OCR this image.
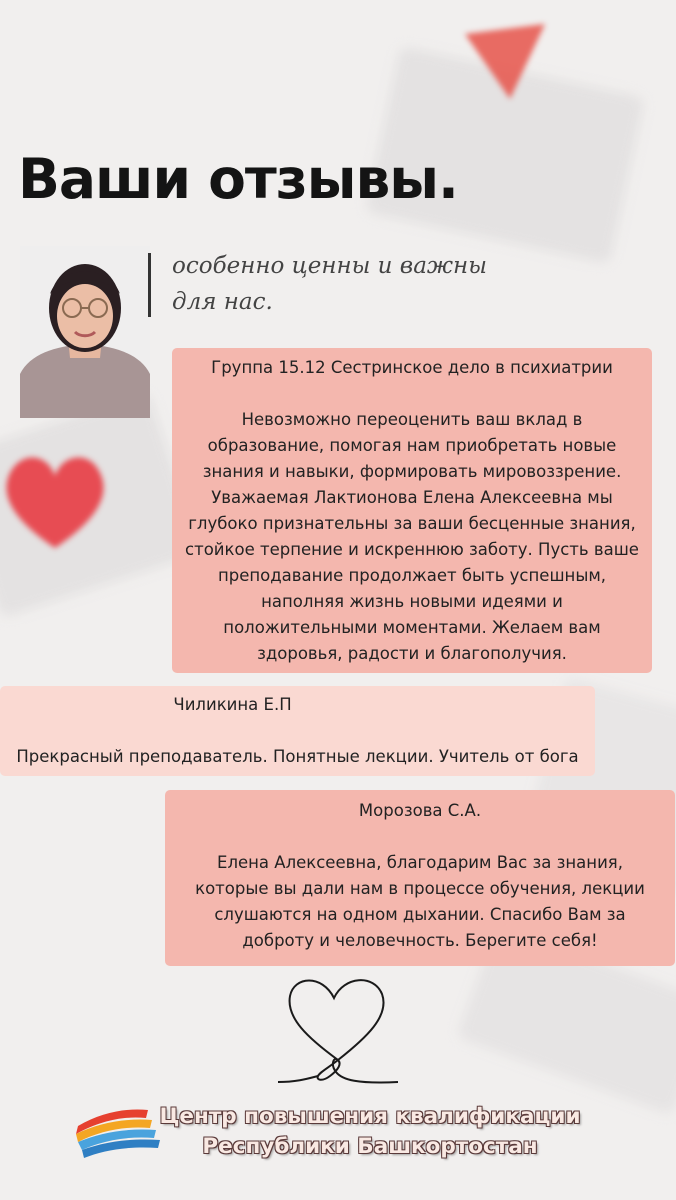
Ваши отзывы.
особенно ценны и важны
для нас.
Группа 15.12 Сестринское дело в психиатрии
Невозможно переоценить ваш вклад в
образование, помогая нам приобретать новые
знания и навыки, формировать мировоззрение.
Уважаемая Лактионова Елена Алексеевна мы
глубоко признательны за ваши бесценные знания,
стойкое терпение и искреннюю заботу. Пусть ваше
преподавание продолжает быть успешным,
наполняя жизнь новыми идеями и
положительными моментами. Желаем вам
здоровья, радости и благополучия.
Чиликина Е.П
Прекрасный преподаватель. Понятные лекции. Учитель от бога
Морозова С.А.
Елена Алексеевна, благодарим Вас за знания,
которые вы дали нам в процессе обучения, лекции
слушаются на одном дыхании. Спасибо Вам за
доброту и человечность. Берегите себя!
Центр повышения квалификации
Республики Башкортостан
